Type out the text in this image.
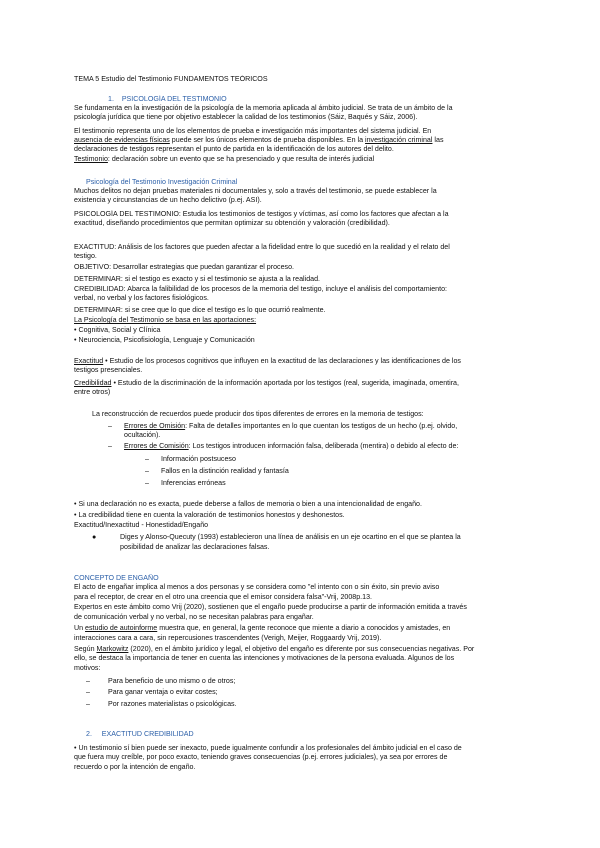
TEMA 5 Estudio del Testimonio FUNDAMENTOS TEÓRICOS
1. PSICOLOGÍA DEL TESTIMONIO
Se fundamenta en la investigación de la psicología de la memoria aplicada al ámbito judicial. Se trata de un ámbito de la
psicología jurídica que tiene por objetivo establecer la calidad de los testimonios (Sáiz, Baqués y Sáiz, 2006).
El testimonio representa uno de los elementos de prueba e investigación más importantes del sistema judicial. En
ausencia de evidencias físicas puede ser los únicos elementos de prueba disponibles. En la investigación criminal las
declaraciones de testigos representan el punto de partida en la identificación de los autores del delito.
Testimonio: declaración sobre un evento que se ha presenciado y que resulta de interés judicial
Psicología del Testimonio Investigación Criminal
Muchos delitos no dejan pruebas materiales ni documentales y, solo a través del testimonio, se puede establecer la
existencia y circunstancias de un hecho delictivo (p.ej. ASI).
PSICOLOGÍA DEL TESTIMONIO: Estudia los testimonios de testigos y víctimas, así como los factores que afectan a la
exactitud, diseñando procedimientos que permitan optimizar su obtención y valoración (credibilidad).
EXACTITUD: Análisis de los factores que pueden afectar a la fidelidad entre lo que sucedió en la realidad y el relato del
testigo.
OBJETIVO: Desarrollar estrategias que puedan garantizar el proceso.
DETERMINAR: si el testigo es exacto y si el testimonio se ajusta a la realidad.
CREDIBILIDAD: Abarca la falibilidad de los procesos de la memoria del testigo, incluye el análisis del comportamiento:
verbal, no verbal y los factores fisiológicos.
DETERMINAR: si se cree que lo que dice el testigo es lo que ocurrió realmente.
La Psicología del Testimonio se basa en las aportaciones:
• Cognitiva, Social y Clínica
• Neurociencia, Psicofisiología, Lenguaje y Comunicación
Exactitud • Estudio de los procesos cognitivos que influyen en la exactitud de las declaraciones y las identificaciones de los
testigos presenciales.
Credibilidad • Estudio de la discriminación de la información aportada por los testigos (real, sugerida, imaginada, omentira,
entre otros)
La reconstrucción de recuerdos puede producir dos tipos diferentes de errores en la memoria de testigos:
– Errores de Omisión: Falta de detalles importantes en lo que cuentan los testigos de un hecho (p.ej. olvido,
ocultación).
– Errores de Comisión: Los testigos introducen información falsa, deliberada (mentira) o debido al efecto de:
– Información postsuceso
– Fallos en la distinción realidad y fantasía
– Inferencias erróneas
• Si una declaración no es exacta, puede deberse a fallos de memoria o bien a una intencionalidad de engaño.
• La credibilidad tiene en cuenta la valoración de testimonios honestos y deshonestos.
Exactitud/Inexactitud - Honestidad/Engaño
●	Diges y Alonso-Quecuty (1993) establecieron una línea de análisis en un eje ocartino en el que se plantea la
posibilidad de analizar las declaraciones falsas.
CONCEPTO DE ENGAÑO
El acto de engañar implica al menos a dos personas y se considera como "el intento con o sin éxito, sin previo aviso
para el receptor, de crear en el otro una creencia que el emisor considera falsa"-Vrij, 2008p.13.
Expertos en este ámbito como Vrij (2020), sostienen que el engaño puede producirse a partir de información emitida a través
de comunicación verbal y no verbal, no se necesitan palabras para engañar.
Un estudio de autoinforme muestra que, en general, la gente reconoce que miente a diario a conocidos y amistades, en
interacciones cara a cara, sin repercusiones trascendentes (Verigh, Meijer, Roggaardy Vrij, 2019).
Según Markowitz (2020), en el ámbito jurídico y legal, el objetivo del engaño es diferente por sus consecuencias negativas. Por
ello, se destaca la importancia de tener en cuenta las intenciones y motivaciones de la persona evaluada. Algunos de los
motivos:
–	Para beneficio de uno mismo o de otros;
–	Para ganar ventaja o evitar costes;
–	Por razones materialistas o psicológicas.
2. EXACTITUD CREDIBILIDAD
• Un testimonio sí bien puede ser inexacto, puede igualmente confundir a los profesionales del ámbito judicial en el caso de
que fuera muy creíble, por poco exacto, teniendo graves consecuencias (p.ej. errores judiciales), ya sea por errores de
recuerdo o por la intención de engaño.
